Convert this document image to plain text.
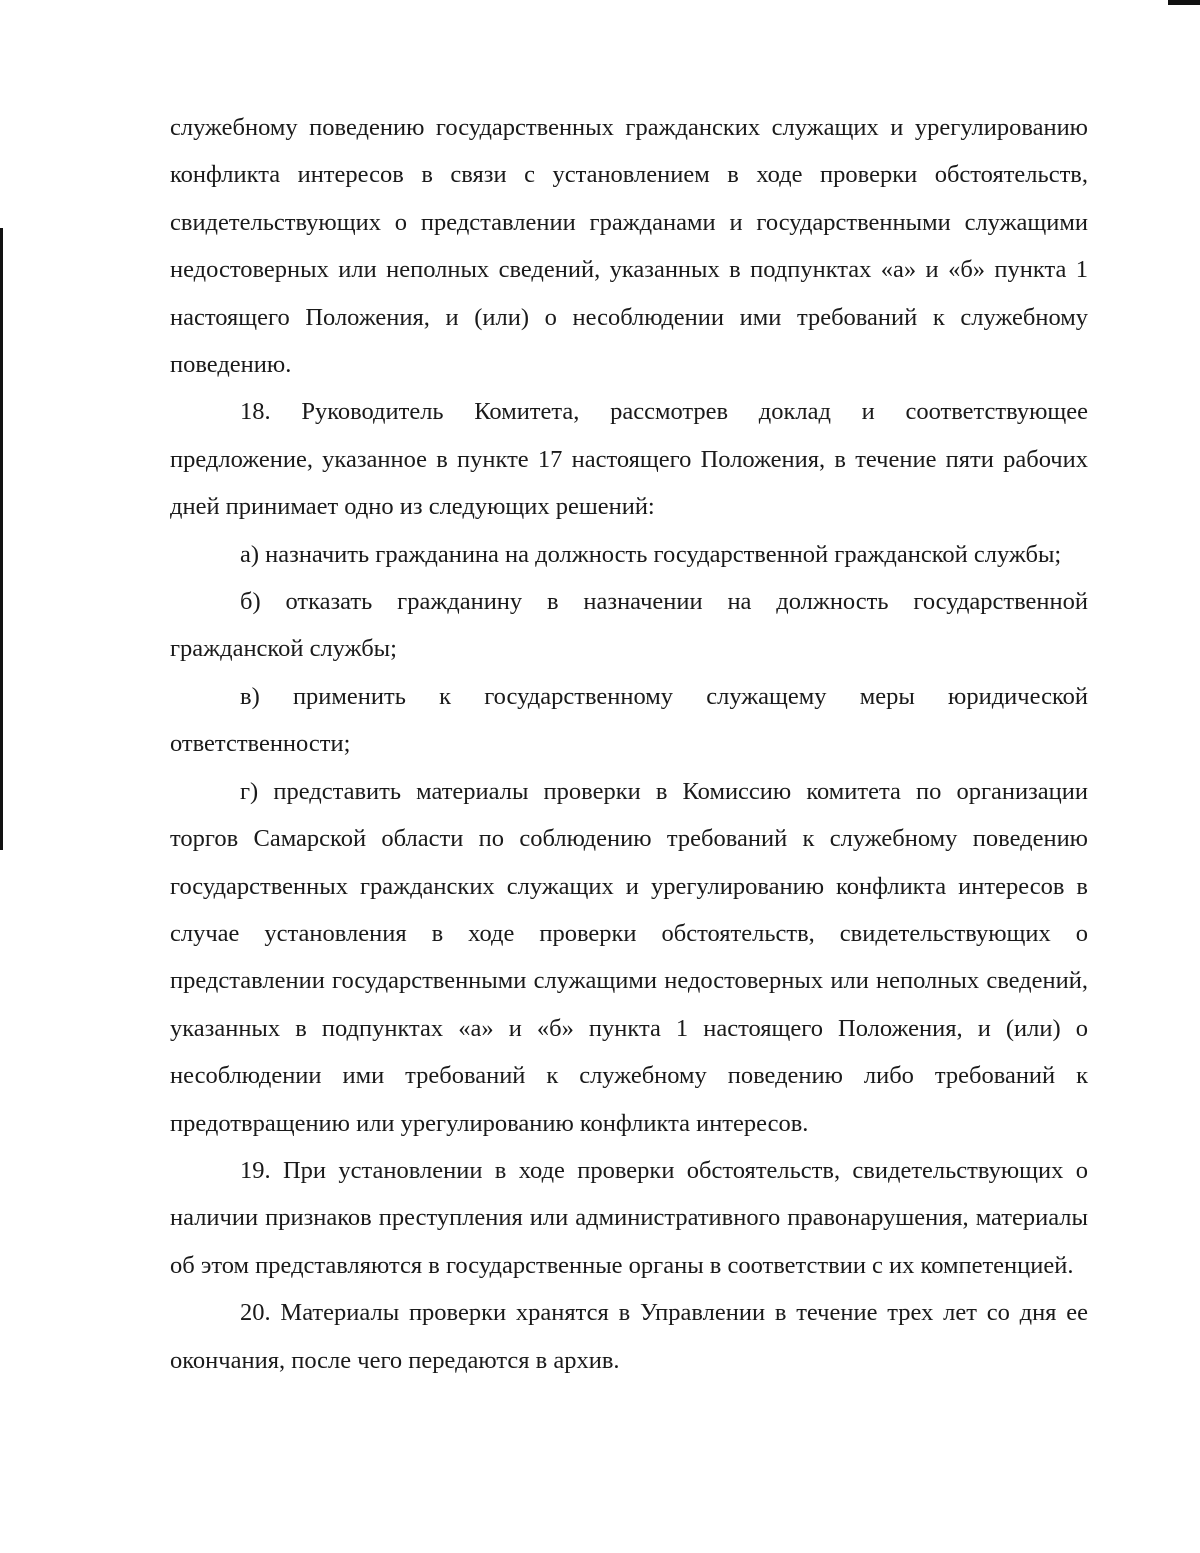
служебному поведению государственных гражданских служащих и урегулированию конфликта интересов в связи с установлением в ходе проверки обстоятельств, свидетельствующих о представлении гражданами и государственными служащими недостоверных или неполных сведений, указанных в подпунктах «а» и «б» пункта 1 настоящего Положения, и (или) о несоблюдении ими требований к служебному поведению.

18. Руководитель Комитета, рассмотрев доклад и соответствующее предложение, указанное в пункте 17 настоящего Положения, в течение пяти рабочих дней принимает одно из следующих решений:

а) назначить гражданина на должность государственной гражданской службы;

б) отказать гражданину в назначении на должность государственной гражданской службы;

в) применить к государственному служащему меры юридической ответственности;

г) представить материалы проверки в Комиссию комитета по организации торгов Самарской области по соблюдению требований к служебному поведению государственных гражданских служащих и урегулированию конфликта интересов в случае установления в ходе проверки обстоятельств, свидетельствующих о представлении государственными служащими недостоверных или неполных сведений, указанных в подпунктах «а» и «б» пункта 1 настоящего Положения, и (или) о несоблюдении ими требований к служебному поведению либо требований к предотвращению или урегулированию конфликта интересов.

19. При установлении в ходе проверки обстоятельств, свидетельствующих о наличии признаков преступления или административного правонарушения, материалы об этом представляются в государственные органы в соответствии с их компетенцией.

20. Материалы проверки хранятся в Управлении в течение трех лет со дня ее окончания, после чего передаются в архив.
